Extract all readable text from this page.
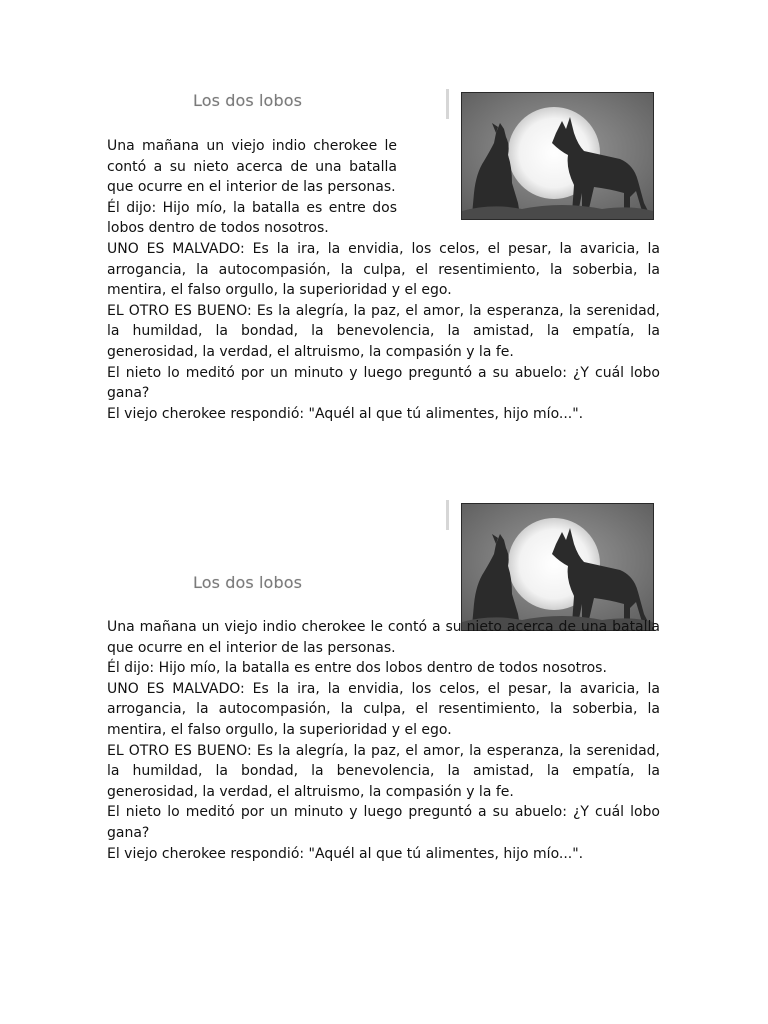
Los dos lobos

Una mañana un viejo indio cherokee le contó a su nieto acerca de una batalla que ocurre en el interior de las personas.

Él dijo: Hijo mío, la batalla es entre dos lobos dentro de todos nosotros.

UNO ES MALVADO: Es la ira, la envidia, los celos, el pesar, la avaricia, la arrogancia, la autocompasión, la culpa, el resentimiento, la soberbia, la mentira, el falso orgullo, la superioridad y el ego.

EL OTRO ES BUENO: Es la alegría, la paz, el amor, la esperanza, la serenidad, la humildad, la bondad, la benevolencia, la amistad, la empatía, la generosidad, la verdad, el altruismo, la compasión y la fe.

El nieto lo meditó por un minuto y luego preguntó a su abuelo: ¿Y cuál lobo gana?

El viejo cherokee respondió: "Aquél al que tú alimentes, hijo mío...".

Los dos lobos

Una mañana un viejo indio cherokee le contó a su nieto acerca de una batalla que ocurre en el interior de las personas.

Él dijo: Hijo mío, la batalla es entre dos lobos dentro de todos nosotros.

UNO ES MALVADO: Es la ira, la envidia, los celos, el pesar, la avaricia, la arrogancia, la autocompasión, la culpa, el resentimiento, la soberbia, la mentira, el falso orgullo, la superioridad y el ego.

EL OTRO ES BUENO: Es la alegría, la paz, el amor, la esperanza, la serenidad, la humildad, la bondad, la benevolencia, la amistad, la empatía, la generosidad, la verdad, el altruismo, la compasión y la fe.

El nieto lo meditó por un minuto y luego preguntó a su abuelo: ¿Y cuál lobo gana?

El viejo cherokee respondió: "Aquél al que tú alimentes, hijo mío...".
